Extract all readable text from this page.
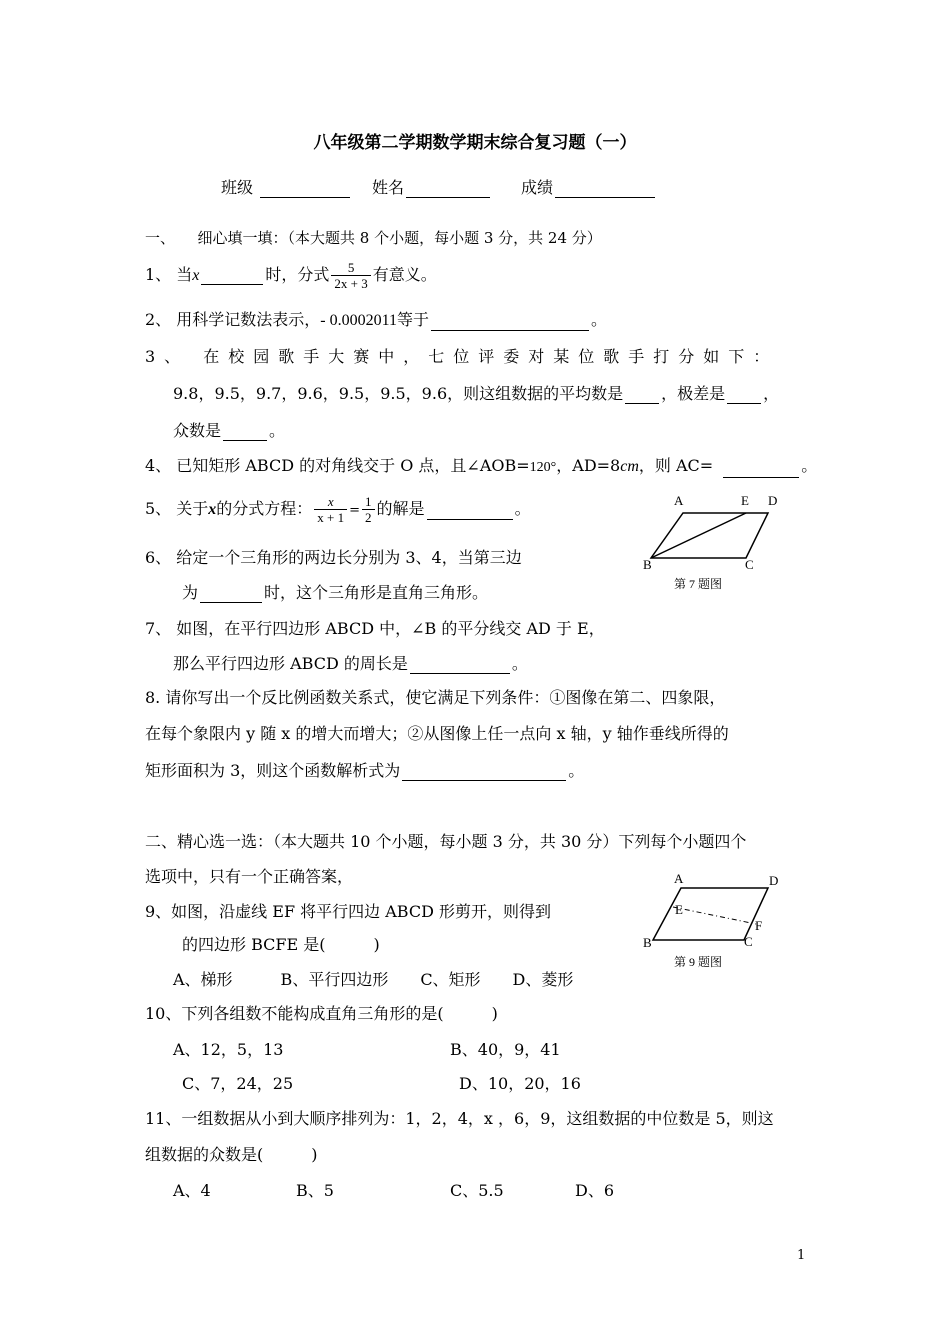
八年级第二学期数学期末综合复习题（一）
班级	姓名	成绩
一、　　细心填一填：（本大题共 8 个小题，每小题 3 分，共 24 分）
1、 当x	时，分式 $\frac{5}{2x + 3}$ 有意义。
2、 用科学记数法表示，- 0.0002011等于	。
3、 在校园歌手大赛中，七位评委对某位歌手打分如下：
9.8，9.5，9.7，9.6，9.5，9.5，9.6，则这组数据的平均数是 ，极差是 ，
众数是	。
4、 已知矩形 ABCD 的对角线交于 O 点，且∠AOB=120°，AD=8cm，则 AC=	。
5、 关于x的分式方程： $\frac{x}{x + 1} = \frac{1}{2}$ 的解是	。
6、 给定一个三角形的两边长分别为 3、4，当第三边
为	时，这个三角形是直角三角形。
A	E D
B	C
第 7 题图
7、 如图，在平行四边形 ABCD 中，∠B 的平分线交 AD 于 E，
那么平行四边形 ABCD 的周长是	。
8. 请你写出一个反比例函数关系式，使它满足下列条件：①图像在第二、四象限，
在每个象限内 y 随 x 的增大而增大；②从图像上任一点向 x 轴，y 轴作垂线所得的
矩形面积为 3，则这个函数解析式为	。
二、精心选一选：（本大题共 10 个小题，每小题 3 分，共 30 分）下列每个小题四个
选项中，只有一个正确答案，	A	D
E
F
B	C
第 9 题图
9、如图，沿虚线 EF 将平行四边 ABCD 形剪开，则得到
的四边形 BCFE 是(　　　)
A、梯形　　　B、平行四边形　　C、矩形　　D、菱形
10、下列各组数不能构成直角三角形的是(　　　)
A、12，5，13	B、40，9，41
C、7，24，25	D、10，20，16
11、一组数据从小到大顺序排列为：1，2，4，x ，6，9，这组数据的中位数是 5，则这
组数据的众数是(　　　)
A、4	B、5	C、5.5	D、6
1
